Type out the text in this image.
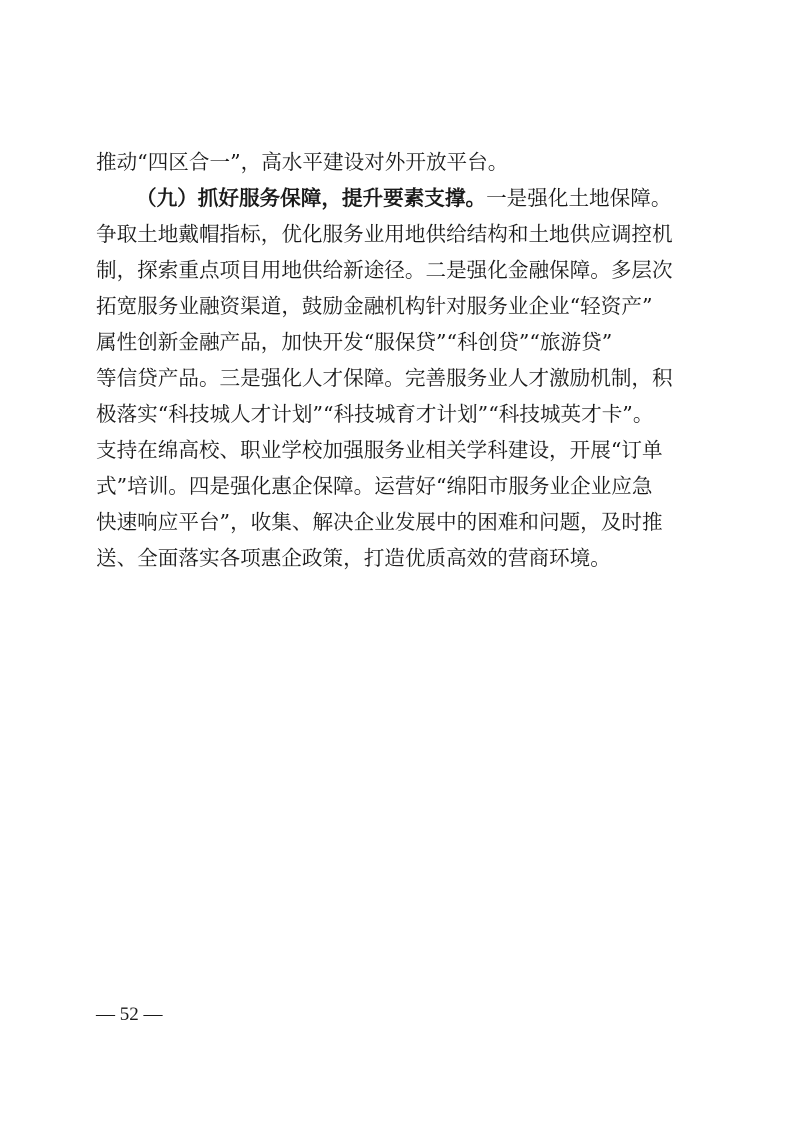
推动“四区合一”，高水平建设对外开放平台。
（九）抓好服务保障，提升要素支撑。一是强化土地保障。
争取土地戴帽指标，优化服务业用地供给结构和土地供应调控机
制，探索重点项目用地供给新途径。二是强化金融保障。多层次
拓宽服务业融资渠道，鼓励金融机构针对服务业企业“轻资产”
属性创新金融产品，加快开发“服保贷”“科创贷”“旅游贷”
等信贷产品。三是强化人才保障。完善服务业人才激励机制，积
极落实“科技城人才计划”“科技城育才计划”“科技城英才卡”。
支持在绵高校、职业学校加强服务业相关学科建设，开展“订单
式”培训。四是强化惠企保障。运营好“绵阳市服务业企业应急
快速响应平台”，收集、解决企业发展中的困难和问题，及时推
送、全面落实各项惠企政策，打造优质高效的营商环境。
— 52 —
